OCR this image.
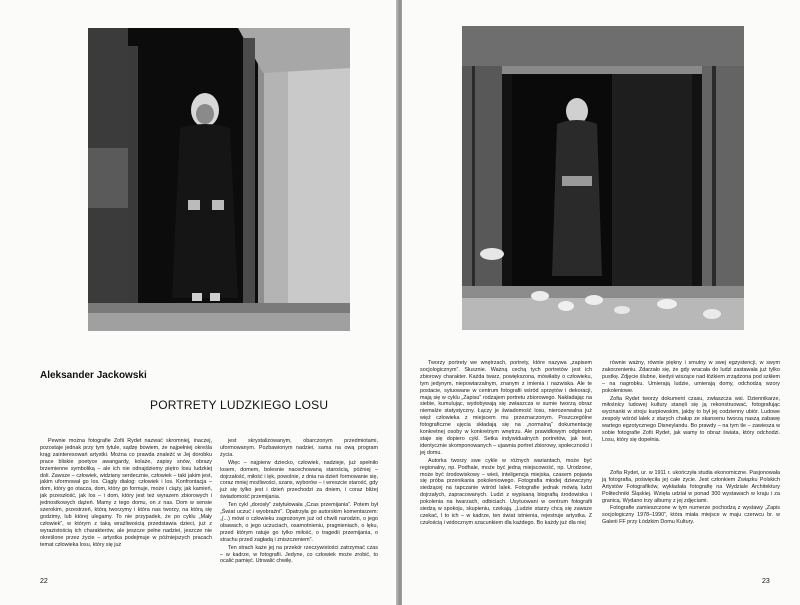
Aleksander Jackowski
PORTRETY LUDZKIEGO LOSU

Pewnie można fotografie Zofii Rydet nazwać skromniej, inaczej, pozostaje jednak przy tym tytule, sądzę bowiem, że najpełniej określa krąg zainteresowań artystki. Można co prawda znaleźć w Jej dorobku prace bliskie poetyce awangardy, kolaże, zapisy snów, obrazy brzemienne symboliką – ale ich nie odnajdziemy piętro losu ludzkiej doli. Zawsze – człowiek, widziany serdecznie, człowiek – taki jakim jest, jakim uformował go los. Ciągły dialog: człowiek i los. Konfrontacja – dom, który go otacza, dom, który go formuje, może i ciąży, jak kamień, jak przeszłość, jak los – i dom, który jest też wyrazem zbiorowych i jednostkowych dążeń. Mamy z tego domu, on z nas. Dom w sensie szerokim, przestrzeń, którą tworzymy i która nas tworzy, na którą się godzimy, lub której ulegamy. To nie przypadek, że po cyklu „Mały człowiek”, w którym z taką wrażliwością przedstawia dzieci, już z wyrazistością ich charakterów, ale jeszcze pełne nadziei, jeszcze nie określone przez życie – artystka podejmuje w późniejszych pracach temat człowieka losu, który się już

jest skrystalizowanym, obarczonym przedmiotami, uformowanym. Pozbawionym nadziei, sama na ową program życia.

Więc – najpierw dziecko, człowiek, nadzieje, już spełniło losem, domem, bolesnie nacechowaną starością, później – dojrzałość, miłość i lęk, powolnie, z dnia na dzień formowanie się, coraz mniej możliwości, szans, wyborów – i wreszcie starość, gdy już się tylko jest i dzień przechodzi za dniem, i coraz bliżej świadomość przemijania.

Ten cykl „dorosły” zatytułowała „Czas przemijania”. Potem był „Świat uczuć i wyobraźni”. Opatrzyła go autorskim komentarzem: „(...) mówi o człowieku zagrożonym już od chwili narodzin, o jego obawach, o jego uczuciach, osamotnieniu, pragnieniach, o lęku, przed którym ratuje go tylko miłość, o tragedii przemijania, o strachu przed zagładą i zniszczeniem”.

Ten strach każe jej na przekór rzeczywistości zatrzymać czas – w kadrze, w fotografii. Jedyne, co człowiek może zrobić, to ocalić pamięć. Utrwalić chwilę.

22

Tworzy portrety we wnętrzach, portrety, które nazywa „zapisem socjologicznym”. Słusznie. Ważną cechą tych portretów jest ich zbiorowy charakter. Każda twarz, powiększona, mówiłaby o człowieku, tym jedynym, niepowtarzalnym, znanym z imienia i nazwiska. Ale te postacie, sytuowane w centrum fotografii wśród sprzętów i dekoracji, mają się w cyklu „Zapisu” rodzajem portretu zbiorowego. Nakładając na siebie, kumulując, wydobywają się zwłaszcza w sumie tworzą obraz niemalże statystyczny. Łączy je świadomość losu, nierozerwalna już więź człowieka z miejscem mu przeznaczonym. Poszczególne fotograficzne ujęcia składają się na „normalną” dokumentację konkretnej osoby w konkretnym wnętrzu. Ale prawidłowym odgłosem staje się dopiero cykl. Setka indywidualnych portretów, jak test, identycznie skomponowanych – ujawnia portret zbiorowy, społeczności i jej domu.

Autorka tworzy swe cykle w różnych wariantach, może być regionalny, np. Podhale, może być jedną miejscowość, np. Urodzone, może być środowiskowy – wieś, inteligencja miejska, czasem pojawia się próba przenikania pokoleniowego. Fotografia młodej dziewczyny siedzącej na tapczanie wśród lalek. Fotografie jednak mówią ludzi dojrzałych, zapracowanych. Ludzi z wypisaną biografią środowiska i pokolenia na twarzach, odbiciach. Usytuowani w centrum fotografii siedzą w spokoju, skupieniu, czekają. „Ludzie starzy chcą się zawsze czekać, I to ich – w kadrze, ten świat istnienia, rejestruje artystka. Z czułością i widocznym szacunkiem dla każdego. Bo każdy już dla niej

równie ważny, równie piękny i smutny w swej egzystencji, w swym zakorzenieniu. Zdarzało się, że gdy wracała do ludzi zastawała już tylko pustkę. Zdjęcie ślubne, kiedyś wiszące nad łóżkiem zrządzona pod szkłem – na nagrobku. Umierają ludzie, umierają domy, odchodzą wzory pokoleniowe.

Zofia Rydet tworzy dokument czasu, zwłaszcza wsi. Dziennikarze, miłośnicy ludowej kultury stanęli się ją rekonstruować, fotografując wycinanki w stroju kurpiowskim, jakby to był jej codzienny ubiór. Ludowe zespoły wśród lalek z starych chałup ze skansenu tworzą naszą zabawę wartego egzotycznego Disneylandu. Bo prawdy – na tym tle – zawiesza w sobie fotografie Zofii Rydet, jak wamy to obraz świata, który odchodzi. Losu, który się dopełnia.

Zofia Rydet, ur. w 1911 r. ukończyła studia ekonomiczne. Pasjonowała ją fotografia, poświęciła jej całe życie. Jest członkiem Związku Polskich Artystów Fotografików, wykładała fotografię na Wydziale Architektury Politechniki Śląskiej. Wzięła udział w ponad 300 wystawach w kraju i za granicą. Wydano trzy albumy z jej zdjęciami.

Fotografie zamieszczone w tym numerze pochodzą z wystawy „Zapis socjologiczny 1978–1990”, która miała miejsce w maju czerwcu br. w Galerii FF przy Łódzkim Domu Kultury.

23
